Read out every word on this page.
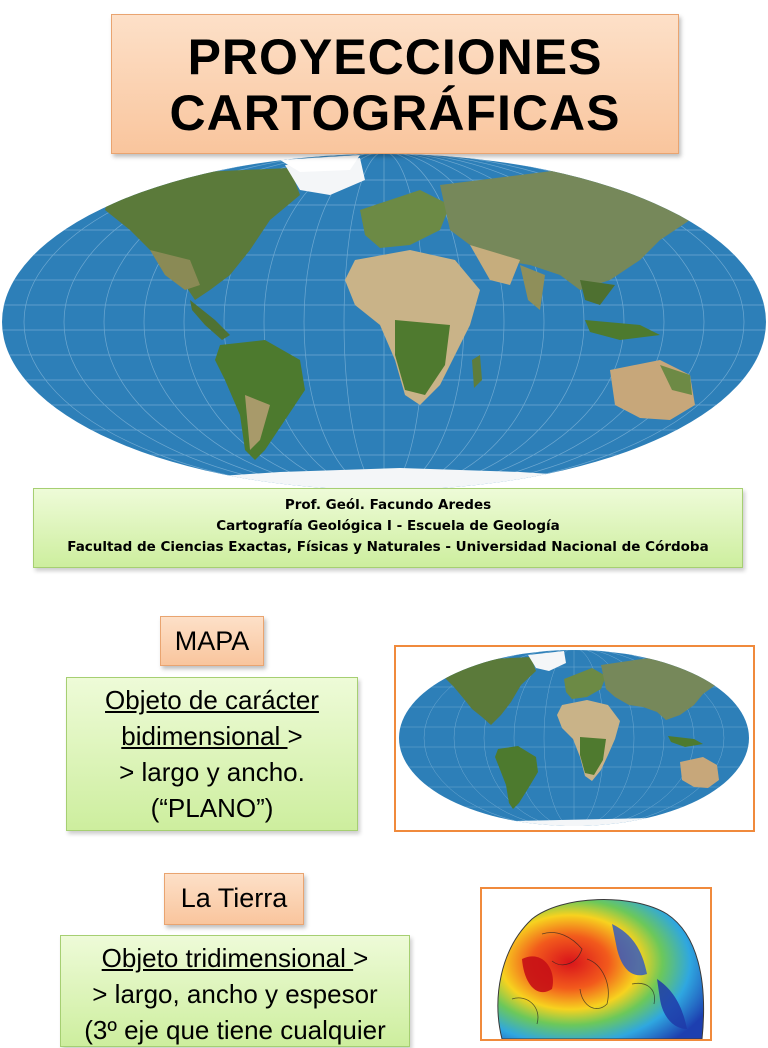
PROYECCIONES
CARTOGRÁFICAS
Prof. Geól. Facundo Aredes
Cartografía Geológica I - Escuela de Geología
Facultad de Ciencias Exactas, Físicas y Naturales - Universidad Nacional de Córdoba
MAPA
Objeto de carácter
bidimensional >
> largo y ancho.
(“PLANO”)
La Tierra
Objeto tridimensional >
> largo, ancho y espesor
(3º eje que tiene cualquier
